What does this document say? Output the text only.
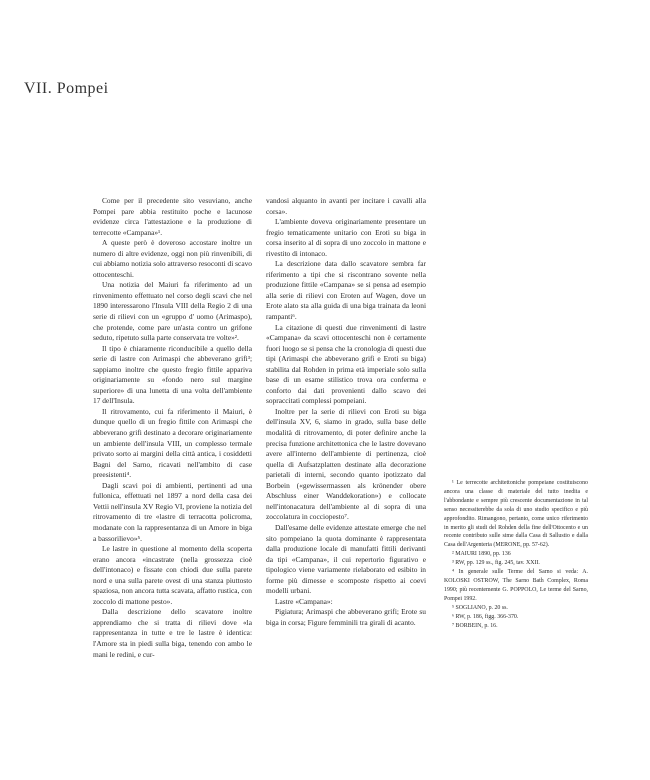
VII. Pompei

Come per il precedente sito vesuviano, anche Pompei pare abbia restituito poche e lacunose evidenze circa l'attestazione e la produzione di terrecotte «Campana»¹.

A queste però è doveroso accostare inoltre un numero di altre evidenze, oggi non più rinvenibili, di cui abbiamo notizia solo attraverso resoconti di scavo ottocenteschi.

Una notizia del Maiuri fa riferimento ad un rinvenimento effettuato nel corso degli scavi che nel 1890 interessarono l'Insula VIII della Regio 2 di una serie di rilievi con un «gruppo d' uomo (Arimaspo), che protende, come pare un'asta contro un grifone seduto, ripetuto sulla parte conservata tre volte»².

Il tipo è chiaramente riconducibile a quello della serie di lastre con Arimaspi che abbeverano grifi³; sappiamo inoltre che questo fregio fittile appariva originariamente su «fondo nero sul margine superiore» di una lunetta di una volta dell'ambiente 17 dell'Insula.

Il ritrovamento, cui fa riferimento il Maiuri, è dunque quello di un fregio fittile con Arimaspi che abbeverano grifi destinato a decorare originariamente un ambiente dell'insula VIII, un complesso termale privato sorto ai margini della città antica, i cosiddetti Bagni del Sarno, ricavati nell'ambito di case preesistenti⁴.

Dagli scavi poi di ambienti, pertinenti ad una fullonica, effettuati nel 1897 a nord della casa dei Vettii nell'insula XV Regio VI, proviene la notizia del ritrovamento di tre «lastre di terracotta policroma, modanate con la rappresentanza di un Amore in biga a bassorilievo»⁵.

Le lastre in questione al momento della scoperta erano ancora «incastrate (nella grossezza cioè dell'intonaco) e fissate con chiodi due sulla parete nord e una sulla parete ovest di una stanza piuttosto spaziosa, non ancora tutta scavata, affatto rustica, con zoccolo di mattone pesto».

Dalla descrizione dello scavatore inoltre apprendiamo che si tratta di rilievi dove «la rappresentanza in tutte e tre le lastre è identica: l'Amore sta in piedi sulla biga, tenendo con ambo le mani le redini, e cur-

vandosi alquanto in avanti per incitare i cavalli alla corsa».

L'ambiente doveva originariamente presentare un fregio tematicamente unitario con Eroti su biga in corsa inserito al di sopra di uno zoccolo in mattone e rivestito di intonaco.

La descrizione data dallo scavatore sembra far riferimento a tipi che si riscontrano sovente nella produzione fittile «Campana» se si pensa ad esempio alla serie di rilievi con Eroten auf Wagen, dove un Erote alato sta alla guida di una biga trainata da leoni rampanti⁶.

La citazione di questi due rinvenimenti di lastre «Campana» da scavi ottocenteschi non è certamente fuori luogo se si pensa che la cronologia di questi due tipi (Arimaspi che abbeverano grifi e Eroti su biga) stabilita dal Rohden in prima età imperiale solo sulla base di un esame stilistico trova ora conferma e conforto dai dati provenienti dallo scavo dei sopraccitati complessi pompeiani.

Inoltre per la serie di rilievi con Eroti su biga dell'insula XV, 6, siamo in grado, sulla base delle modalità di ritrovamento, di poter definire anche la precisa funzione architettonica che le lastre dovevano avere all'interno dell'ambiente di pertinenza, cioè quella di Aufsatzplatten destinate alla decorazione parietali di interni, secondo quanto ipotizzato dal Borbein («gewissermassen als krönender obere Abschluss einer Wanddekoration») e collocate nell'intonacatura dell'ambiente al di sopra di una zoccolatura in cocciopesto⁷.

Dall'esame delle evidenze attestate emerge che nel sito pompeiano la quota dominante è rappresentata dalla produzione locale di manufatti fittili derivanti da tipi «Campana», il cui repertorio figurativo e tipologico viene variamente rielaborato ed esibito in forme più dimesse e scomposte rispetto ai coevi modelli urbani.

Lastre «Campana»:

Pigiatura; Arimaspi che abbeverano grifi; Erote su biga in corsa; Figure femminili tra girali di acanto.

¹ Le terrecotte architettoniche pompeiane costituiscono ancora una classe di materiale del tutto inedita e l'abbondante e sempre più crescente documentazione in tal senso necessiterebbe da sola di uno studio specifico e più approfondito. Rimangono, pertanto, come unico riferimento in merito gli studi del Rohden della fine dell'Ottocento e un recente contributo sulle sime dalla Casa di Sallustio e dalla Casa dell'Argenteria (MERONE, pp. 57-62).

² MAIURI 1890, pp. 136

³ RW, pp. 129 ss., fig. 245, tav. XXII.

⁴ In generale sulle Terme del Sarno si veda: A. KOLOSKI OSTROW, The Sarno Bath Complex, Roma 1990; più recentemente G. POPPOLO, Le terme del Sarno, Pompei 1992.

⁵ SOGLIANO, p. 20 ss.

⁶ RW, p. 186, figg. 366-370.

⁷ BORBEIN, p. 16.
